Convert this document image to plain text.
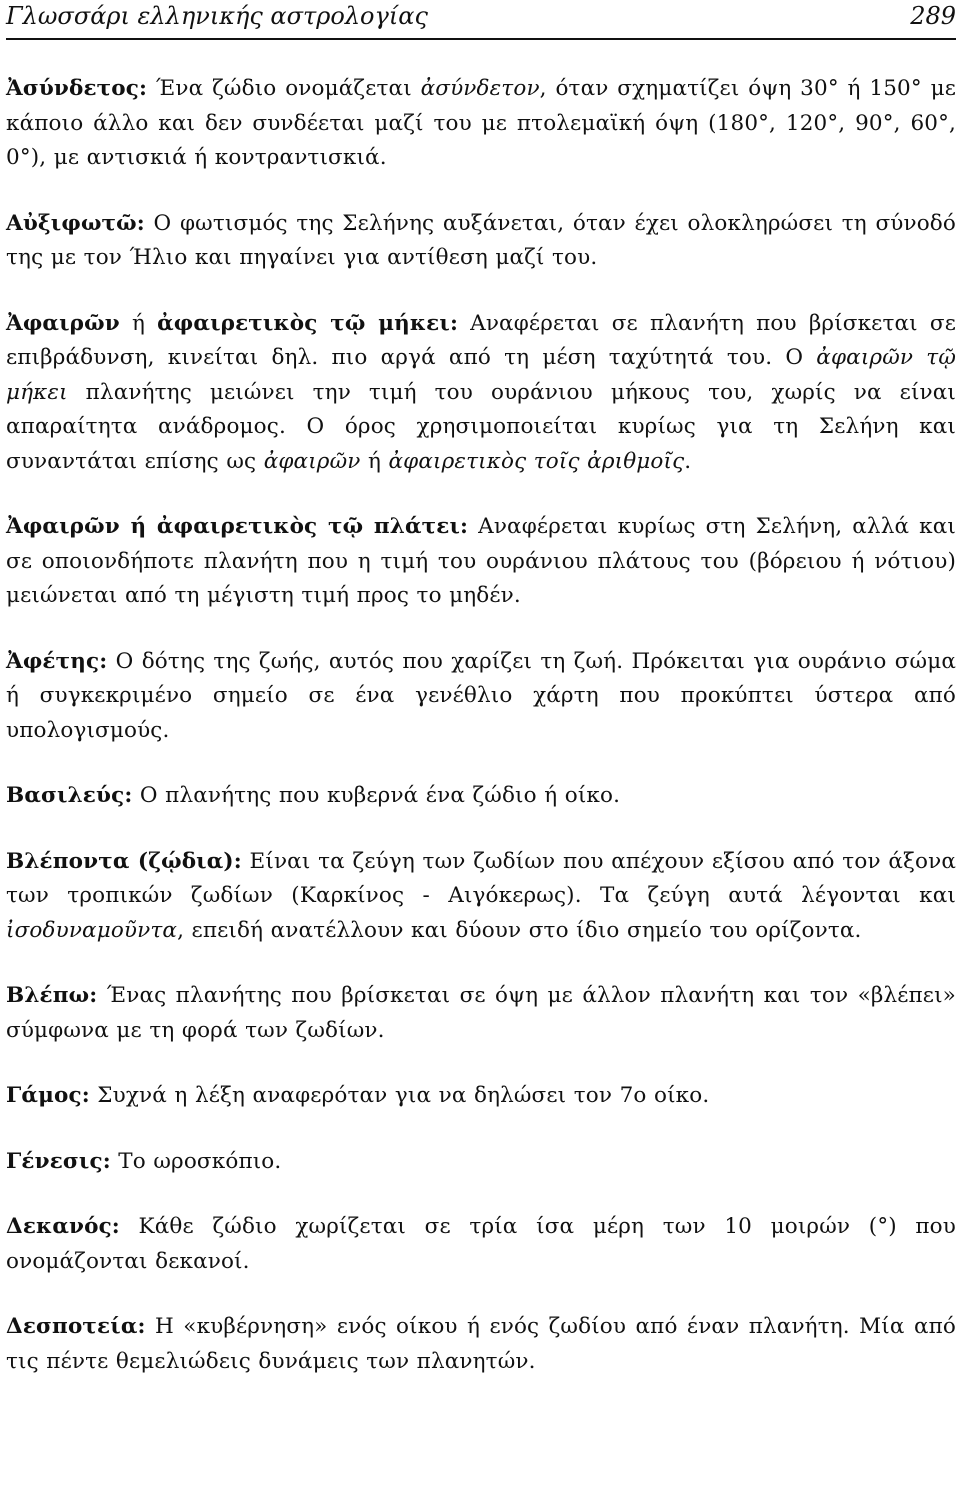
Γλωσσάρι ελληνικής αστρολογίας	289

Ἀσύνδετος: Ένα ζώδιο ονομάζεται ἀσύνδετον, όταν σχηματίζει όψη 30° ή 150° με κάποιο άλλο και δεν συνδέεται μαζί του με πτολεμαϊκή όψη (180°, 120°, 90°, 60°, 0°), με αντισκιά ή κοντραντισκιά.

Αὐξιφωτῶ: Ο φωτισμός της Σελήνης αυξάνεται, όταν έχει ολοκληρώσει τη σύνοδό της με τον Ήλιο και πηγαίνει για αντίθεση μαζί του.

Ἀφαιρῶν ή ἀφαιρετικὸς τῷ μήκει: Αναφέρεται σε πλανήτη που βρίσκεται σε επιβράδυνση, κινείται δηλ. πιο αργά από τη μέση ταχύτητά του. Ο ἀφαιρῶν τῷ μήκει πλανήτης μειώνει την τιμή του ουράνιου μήκους του, χωρίς να είναι απαραίτητα ανάδρομος. Ο όρος χρησιμοποιείται κυρίως για τη Σελήνη και συναντάται επίσης ως ἀφαιρῶν ή ἀφαιρετικὸς τοῖς ἀριθμοῖς.

Ἀφαιρῶν ή ἀφαιρετικὸς τῷ πλάτει: Αναφέρεται κυρίως στη Σελήνη, αλλά και σε οποιονδήποτε πλανήτη που η τιμή του ουράνιου πλάτους του (βόρειου ή νότιου) μειώνεται από τη μέγιστη τιμή προς το μηδέν.

Ἀφέτης: Ο δότης της ζωής, αυτός που χαρίζει τη ζωή. Πρόκειται για ουράνιο σώμα ή συγκεκριμένο σημείο σε ένα γενέθλιο χάρτη που προκύπτει ύστερα από υπολογισμούς.

Βασιλεύς: Ο πλανήτης που κυβερνά ένα ζώδιο ή οίκο.

Βλέποντα (ζῴδια): Είναι τα ζεύγη των ζωδίων που απέχουν εξίσου από τον άξονα των τροπικών ζωδίων (Καρκίνος - Αιγόκερως). Τα ζεύγη αυτά λέγονται και ἰσοδυναμοῦντα, επειδή ανατέλλουν και δύουν στο ίδιο σημείο του ορίζοντα.

Βλέπω: Ένας πλανήτης που βρίσκεται σε όψη με άλλον πλανήτη και τον «βλέπει» σύμφωνα με τη φορά των ζωδίων.

Γάμος: Συχνά η λέξη αναφερόταν για να δηλώσει τον 7ο οίκο.

Γένεσις: Το ωροσκόπιο.

Δεκανός: Κάθε ζώδιο χωρίζεται σε τρία ίσα μέρη των 10 μοιρών (°) που ονομάζονται δεκανοί.

Δεσποτεία: Η «κυβέρνηση» ενός οίκου ή ενός ζωδίου από έναν πλανήτη. Μία από τις πέντε θεμελιώδεις δυνάμεις των πλανητών.
